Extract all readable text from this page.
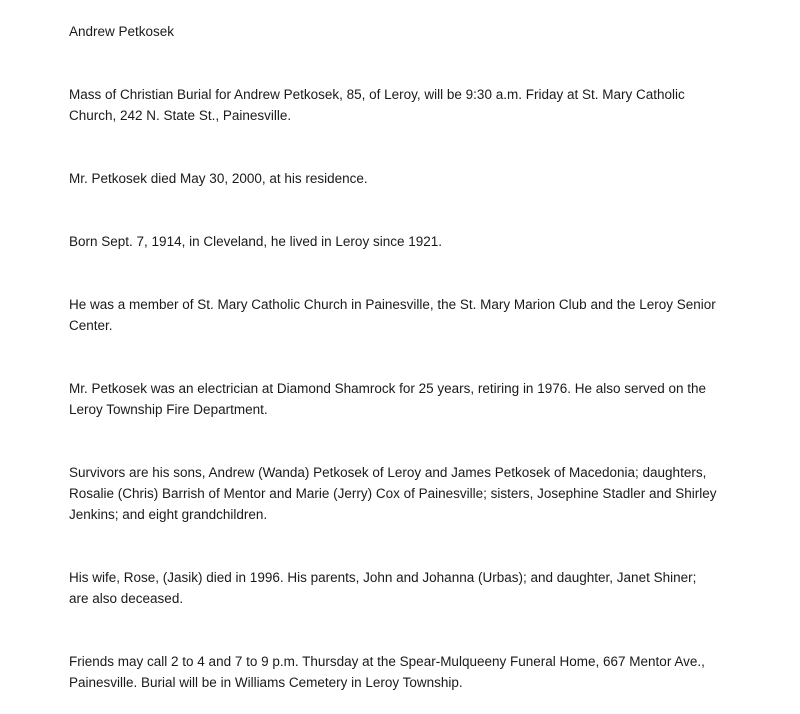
Andrew Petkosek

Mass of Christian Burial for Andrew Petkosek, 85, of Leroy, will be 9:30 a.m. Friday at St. Mary Catholic Church, 242 N. State St., Painesville.

Mr. Petkosek died May 30, 2000, at his residence.

Born Sept. 7, 1914, in Cleveland, he lived in Leroy since 1921.

He was a member of St. Mary Catholic Church in Painesville, the St. Mary Marion Club and the Leroy Senior Center.

Mr. Petkosek was an electrician at Diamond Shamrock for 25 years, retiring in 1976. He also served on the Leroy Township Fire Department.

Survivors are his sons, Andrew (Wanda) Petkosek of Leroy and James Petkosek of Macedonia; daughters, Rosalie (Chris) Barrish of Mentor and Marie (Jerry) Cox of Painesville; sisters, Josephine Stadler and Shirley Jenkins; and eight grandchildren.

His wife, Rose, (Jasik) died in 1996. His parents, John and Johanna (Urbas); and daughter, Janet Shiner; are also deceased.

Friends may call 2 to 4 and 7 to 9 p.m. Thursday at the Spear-Mulqueeny Funeral Home, 667 Mentor Ave., Painesville. Burial will be in Williams Cemetery in Leroy Township.
